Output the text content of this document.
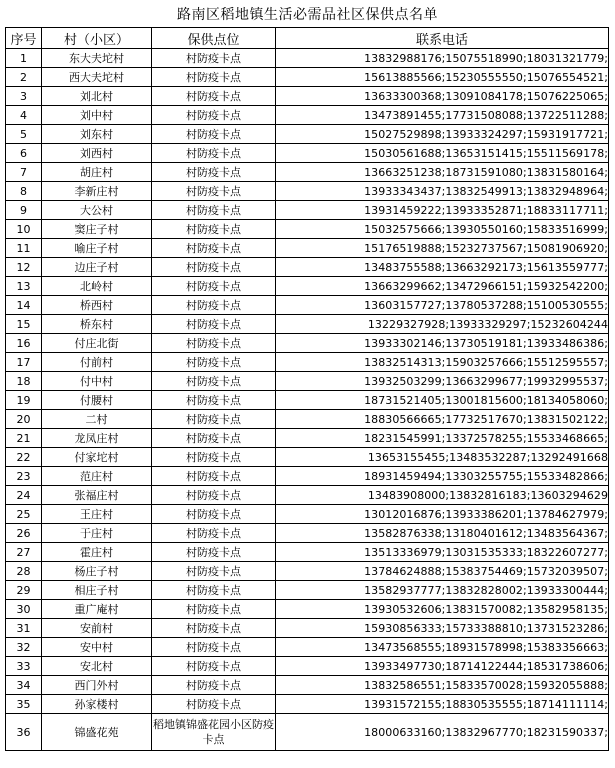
路南区稻地镇生活必需品社区保供点名单
序号	村（小区）	保供点位	联系电话
1	东大夫坨村	村防疫卡点	13832988176;15075518990;18031321779;
2	西大夫坨村	村防疫卡点	15613885566;15230555550;15076554521;
3	刘北村	村防疫卡点	13633300368;13091084178;15076225065;
4	刘中村	村防疫卡点	13473891455;17731508088;13722511288;
5	刘东村	村防疫卡点	15027529898;13933324297;15931917721;
6	刘西村	村防疫卡点	15030561688;13653151415;15511569178;
7	胡庄村	村防疫卡点	13663251238;18731591080;13831580164;
8	李新庄村	村防疫卡点	13933343437;13832549913;13832948964;
9	大公村	村防疫卡点	13931459222;13933352871;18833117711;
10	窦庄子村	村防疫卡点	15032575666;13930550160;15833516999;
11	喻庄子村	村防疫卡点	15176519888;15232737567;15081906920;
12	边庄子村	村防疫卡点	13483755588;13663292173;15613559777;
13	北岭村	村防疫卡点	13663299662;13472966151;15932542200;
14	桥西村	村防疫卡点	13603157727;13780537288;15100530555;
15	桥东村	村防疫卡点	13229327928;13933329297;15232604244
16	付庄北街	村防疫卡点	13933302146;13730519181;13933486386;
17	付前村	村防疫卡点	13832514313;15903257666;15512595557;
18	付中村	村防疫卡点	13932503299;13663299677;19932995537;
19	付腰村	村防疫卡点	18731521405;13001815600;18134058060;
20	二村	村防疫卡点	18830566665;17732517670;13831502122;
21	龙凤庄村	村防疫卡点	18231545991;13372578255;15533468665;
22	付家坨村	村防疫卡点	13653155455;13483532287;13292491668
23	范庄村	村防疫卡点	18931459494;13303255755;15533482866;
24	张福庄村	村防疫卡点	13483908000;13832816183;13603294629
25	王庄村	村防疫卡点	13012016876;13933386201;13784627979;
26	于庄村	村防疫卡点	13582876338;13180401612;13483564367;
27	霍庄村	村防疫卡点	13513336979;13031535333;18322607277;
28	杨庄子村	村防疫卡点	13784624888;15383754469;15732039507;
29	相庄子村	村防疫卡点	13582937777;13832828002;13933300444;
30	重广庵村	村防疫卡点	13930532606;13831570082;13582958135;
31	安前村	村防疫卡点	15930856333;15733388810;13731523286;
32	安中村	村防疫卡点	13473568555;18931578998;15383356663;
33	安北村	村防疫卡点	13933497730;18714122444;18531738606;
34	西门外村	村防疫卡点	13832586551;15833570028;15932055888;
35	孙家楼村	村防疫卡点	13931572155;18830535555;18714111114;
36	锦盛花苑	稻地镇锦盛花园小区防疫卡点	18000633160;13832967770;18231590337;
